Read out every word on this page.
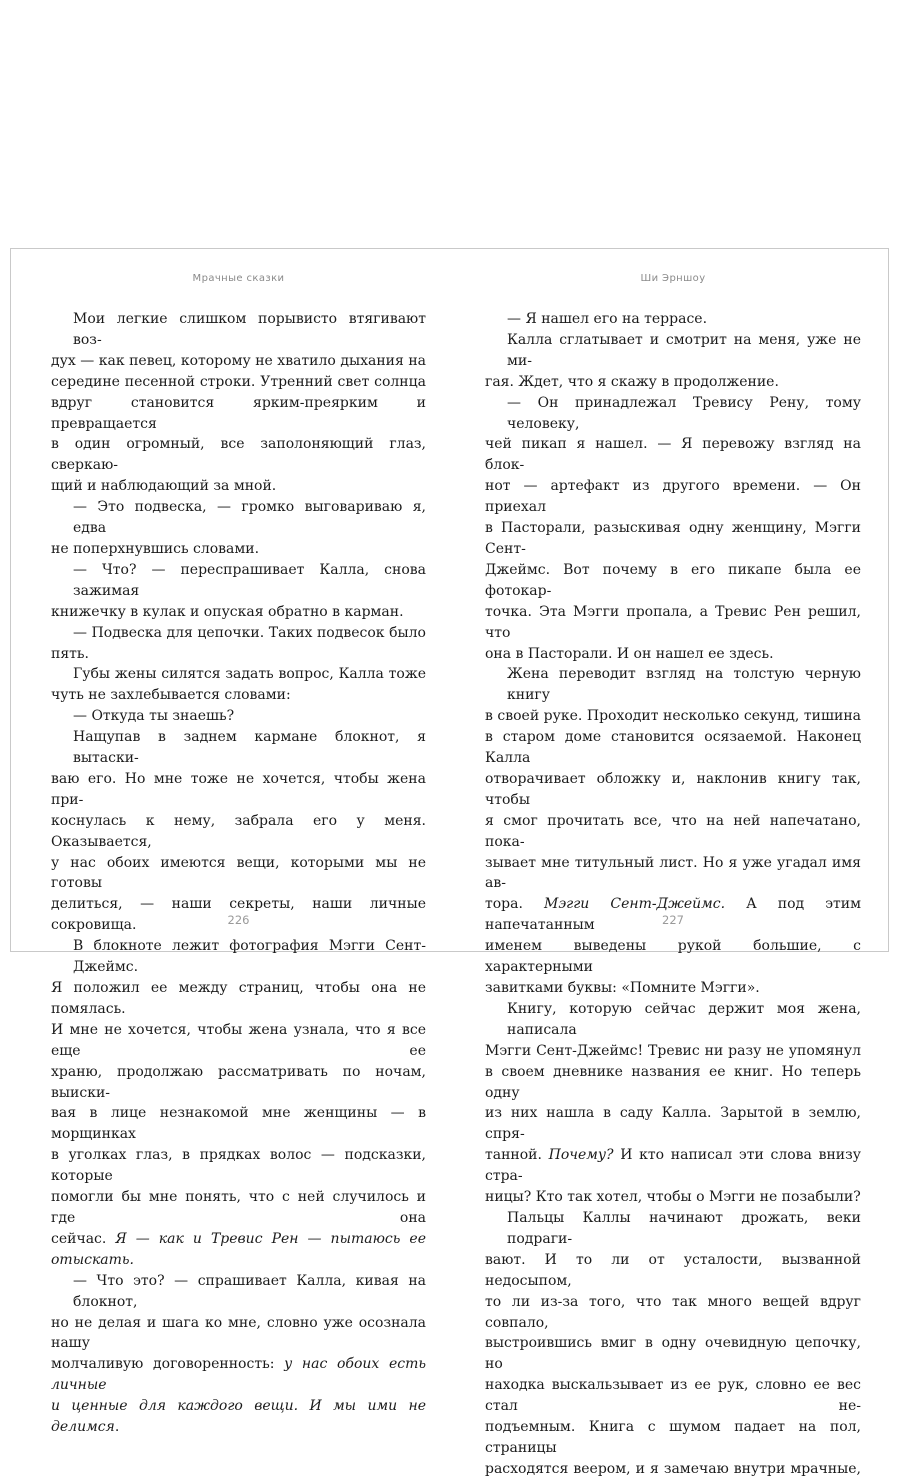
Мрачные сказки

Мои легкие слишком порывисто втягивают воз-
дух — как певец, которому не хватило дыхания на
середине песенной строки. Утренний свет солнца
вдруг становится ярким-преярким и превращается
в один огромный, все заполоняющий глаз, сверкаю-
щий и наблюдающий за мной.

— Это подвеска, — громко выговариваю я, едва
не поперхнувшись словами.

— Что? — переспрашивает Калла, снова зажимая
книжечку в кулак и опуская обратно в карман.

— Подвеска для цепочки. Таких подвесок было
пять.

Губы жены силятся задать вопрос, Калла тоже
чуть не захлебывается словами:

— Откуда ты знаешь?

Нащупав в заднем кармане блокнот, я вытаски-
ваю его. Но мне тоже не хочется, чтобы жена при-
коснулась к нему, забрала его у меня. Оказывается,
у нас обоих имеются вещи, которыми мы не готовы
делиться, — наши секреты, наши личные сокровища.

В блокноте лежит фотография Мэгги Сент-Джеймс.
Я положил ее между страниц, чтобы она не помялась.
И мне не хочется, чтобы жена узнала, что я все еще ее
храню, продолжаю рассматривать по ночам, выиски-
вая в лице незнакомой мне женщины — в морщинках
в уголках глаз, в прядках волос — подсказки, которые
помогли бы мне понять, что с ней случилось и где она
сейчас. Я — как и Тревис Рен — пытаюсь ее отыскать.

— Что это? — спрашивает Калла, кивая на блокнот,
но не делая и шага ко мне, словно уже осознала нашу
молчаливую договоренность: у нас обоих есть личные
и ценные для каждого вещи. И мы ими не делимся.

226

Ши Эрншоу

— Я нашел его на террасе.

Калла сглатывает и смотрит на меня, уже не ми-
гая. Ждет, что я скажу в продолжение.

— Он принадлежал Тревису Рену, тому человеку,
чей пикап я нашел. — Я перевожу взгляд на блок-
нот — артефакт из другого времени. — Он приехал
в Пасторали, разыскивая одну женщину, Мэгги Сент-
Джеймс. Вот почему в его пикапе была ее фотокар-
точка. Эта Мэгги пропала, а Тревис Рен решил, что
она в Пасторали. И он нашел ее здесь.

Жена переводит взгляд на толстую черную книгу
в своей руке. Проходит несколько секунд, тишина
в старом доме становится осязаемой. Наконец Калла
отворачивает обложку и, наклонив книгу так, чтобы
я смог прочитать все, что на ней напечатано, пока-
зывает мне титульный лист. Но я уже угадал имя ав-
тора. Мэгги Сент-Джеймс. А под этим напечатанным
именем выведены рукой большие, с характерными
завитками буквы: «Помните Мэгги».

Книгу, которую сейчас держит моя жена, написала
Мэгги Сент-Джеймс! Тревис ни разу не упомянул
в своем дневнике названия ее книг. Но теперь одну
из них нашла в саду Калла. Зарытой в землю, спря-
танной. Почему? И кто написал эти слова внизу стра-
ницы? Кто так хотел, чтобы о Мэгги не позабыли?

Пальцы Каллы начинают дрожать, веки подраги-
вают. И то ли от усталости, вызванной недосыпом,
то ли из-за того, что так много вещей вдруг совпало,
выстроившись вмиг в одну очевидную цепочку, но
находка выскальзывает из ее рук, словно ее вес стал не-
подъемным. Книга с шумом падает на пол, страницы
расходятся веером, и я замечаю внутри мрачные,

227
